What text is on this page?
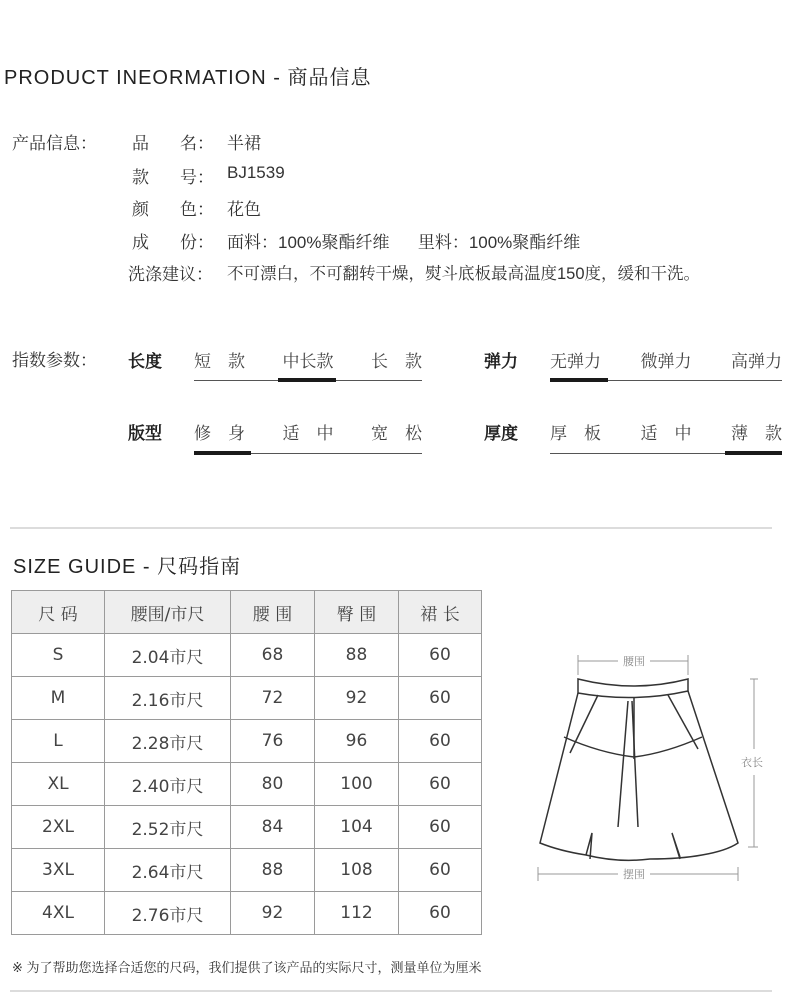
PRODUCT INEORMATION - 商品信息
产品信息： 品 名： 半裙
款 号： BJ1539
颜 色： 花色
成 份： 面料：100%聚酯纤维      里料：100%聚酯纤维
洗涤建议： 不可漂白，不可翻转干燥，熨斗底板最高温度150度，缓和干洗。
指数参数： 长度 短　款 中长款 长　款	弹力 无弹力 微弹力 高弹力
版型 修　身 适　中 宽　松	厚度 厚　板 适　中 薄　款
SIZE GUIDE - 尺码指南
尺 码	腰围/市尺	腰 围	臀 围	裙 长
S	2.04市尺	68	88	60
M	2.16市尺	72	92	60
L	2.28市尺	76	96	60
XL	2.40市尺	80	100	60
2XL	2.52市尺	84	104	60
3XL	2.64市尺	88	108	60
4XL	2.76市尺	92	112	60
腰围
衣长
摆围
※ 为了帮助您选择合适您的尺码，我们提供了该产品的实际尺寸，测量单位为厘米
